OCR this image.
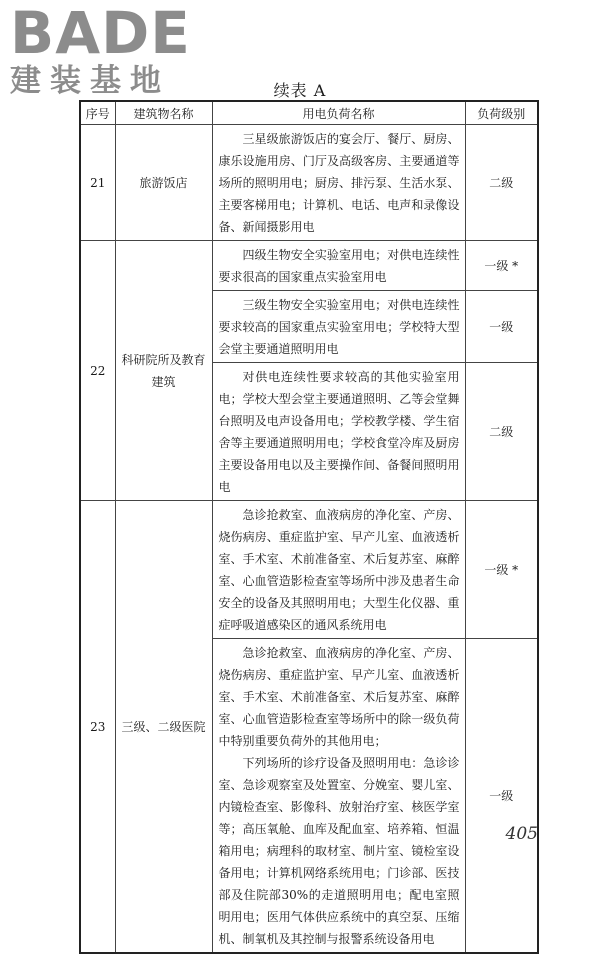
BADE
建装基地	续表 A
序号	建筑物名称	用电负荷名称	负荷级别
21	旅游饭店	三星级旅游饭店的宴会厅、餐厅、厨房、康乐设施用房、门厅及高级客房、主要通道等场所的照明用电；厨房、排污泵、生活水泵、主要客梯用电；计算机、电话、电声和录像设备、新闻摄影用电	二级
22	科研院所及教育建筑	四级生物安全实验室用电；对供电连续性要求很高的国家重点实验室用电	一级 *

		三级生物安全实验室用电；对供电连续性要求较高的国家重点实验室用电；学校特大型会堂主要通道照明用电	一级

		对供电连续性要求较高的其他实验室用电；学校大型会堂主要通道照明、乙等会堂舞台照明及电声设备用电；学校教学楼、学生宿舍等主要通道照明用电；学校食堂冷库及厨房主要设备用电以及主要操作间、备餐间照明用电	二级
23	三级、二级医院	急诊抢救室、血液病房的净化室、产房、烧伤病房、重症监护室、早产儿室、血液透析室、手术室、术前准备室、术后复苏室、麻醉室、心血管造影检查室等场所中涉及患者生命安全的设备及其照明用电；大型生化仪器、重症呼吸道感染区的通风系统用电	一级 *

		急诊抢救室、血液病房的净化室、产房、烧伤病房、重症监护室、早产儿室、血液透析室、手术室、术前准备室、术后复苏室、麻醉室、心血管造影检查室等场所中的除一级负荷中特别重要负荷外的其他用电；
下列场所的诊疗设备及照明用电：急诊诊室、急诊观察室及处置室、分娩室、婴儿室、内镜检查室、影像科、放射治疗室、核医学室等；高压氧舱、血库及配血室、培养箱、恒温箱用电；病理科的取材室、制片室、镜检室设备用电；计算机网络系统用电；门诊部、医技部及住院部30%的走道照明用电；配电室照明用电；医用气体供应系统中的真空泵、压缩机、制氧机及其控制与报警系统设备用电	一级
405
